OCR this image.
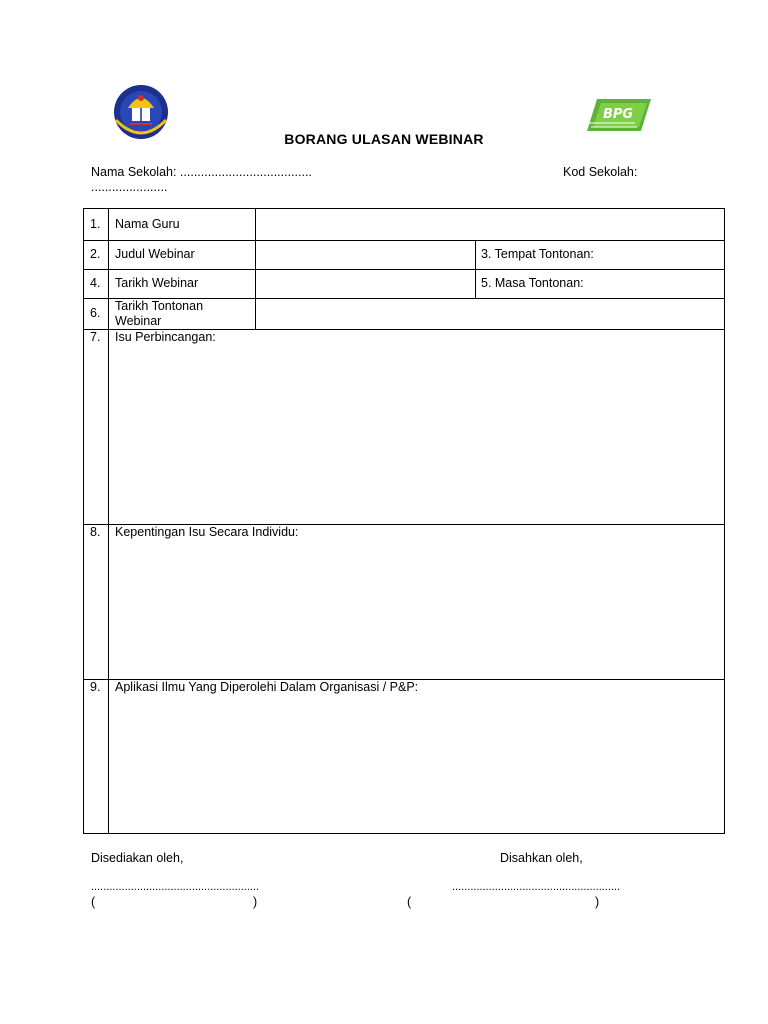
BPG
BORANG ULASAN WEBINAR
Nama Sekolah: ......................................
......................
Kod Sekolah:
1. Nama Guru
2. Judul Webinar	3. Tempat Tontonan:
4. Tarikh Webinar	5. Masa Tontonan:
6. Tarikh Tontonan
Webinar
7. Isu Perbincangan:
8. Kepentingan Isu Secara Individu:
9. Aplikasi Ilmu Yang Diperolehi Dalam Organisasi / P&P:
Disediakan oleh,	Disahkan oleh,
.......................................................	.......................................................
(	)	(	)
